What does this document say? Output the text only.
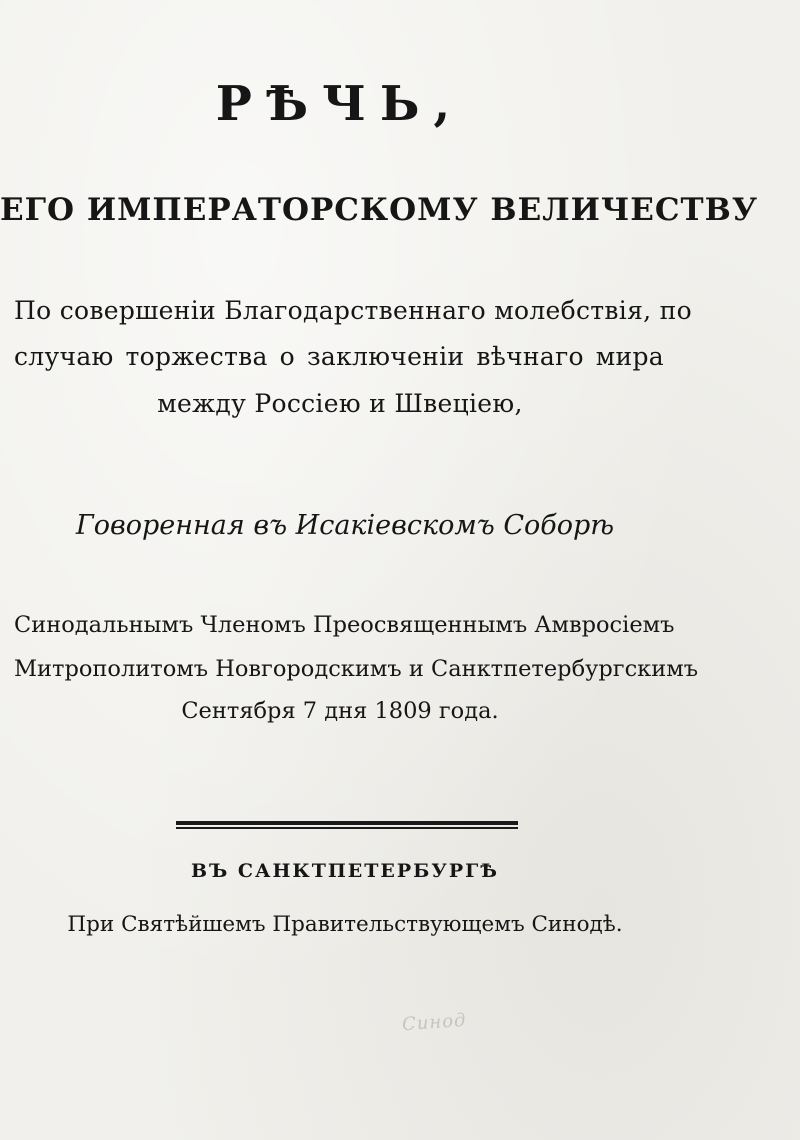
РѢЧЬ,
ЕГО ИМПЕРАТОРСКОМУ ВЕЛИЧЕСТВУ
По совершенiи Благодарственнаго молебствiя, по
случаю торжества о заключенiи вѣчнаго мира
между Россiею и Швецiею,
Говоренная въ Исакiевскомъ Соборѣ
Синодальнымъ Членомъ Преосвященнымъ Амвросiемъ
Митрополитомъ Новгородскимъ и Санктпетербургскимъ
Сентября 7 дня 1809 года.
ВЪ САНКТПЕТЕРБУРГѢ
При Святѣйшемъ Правительствующемъ Синодѣ.
Синод
